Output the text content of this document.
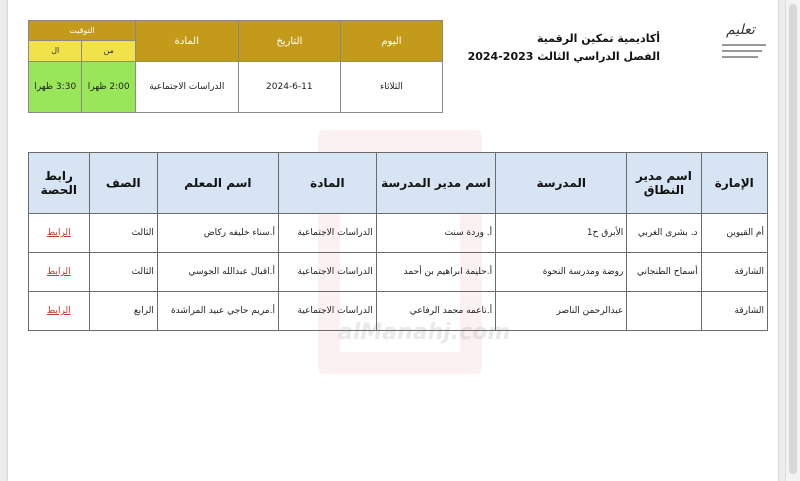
alManahj.com
تعليم
أكاديمية تمكين الرقمية
الفصل الدراسي الثالث 2023-2024
اليوم	التاريخ	المادة	
التوقيت
من	ال

الثلاثاء	2024-6-11	الدراسات الاجتماعية	2:00 ظهرا	3:30 ظهرا
الإمارة	اسم مدير النطاق	المدرسة	اسم مدير المدرسة	المادة	اسم المعلم	الصف	رابط الحصة
أم القيوين	د. بشرى الغربي	الأبرق ح1	أ. وردة سنت	الدراسات الاجتماعية	أ.سناء خليفه ركاض	الثالث	الرابط
الشارقة	أسماح الطنجاني	روضة ومدرسة النحوة	أ.حليمة ابراهيم بن أحمد	الدراسات الاجتماعية	أ.اقبال عبدالله الجوسي	الثالث	الرابط
الشارقة		عبدالرحمن الناصر	أ.ناعمه محمد الرفاعي	الدراسات الاجتماعية	أ.مريم حاجي عبيد المراشدة	الرابع	الرابط
